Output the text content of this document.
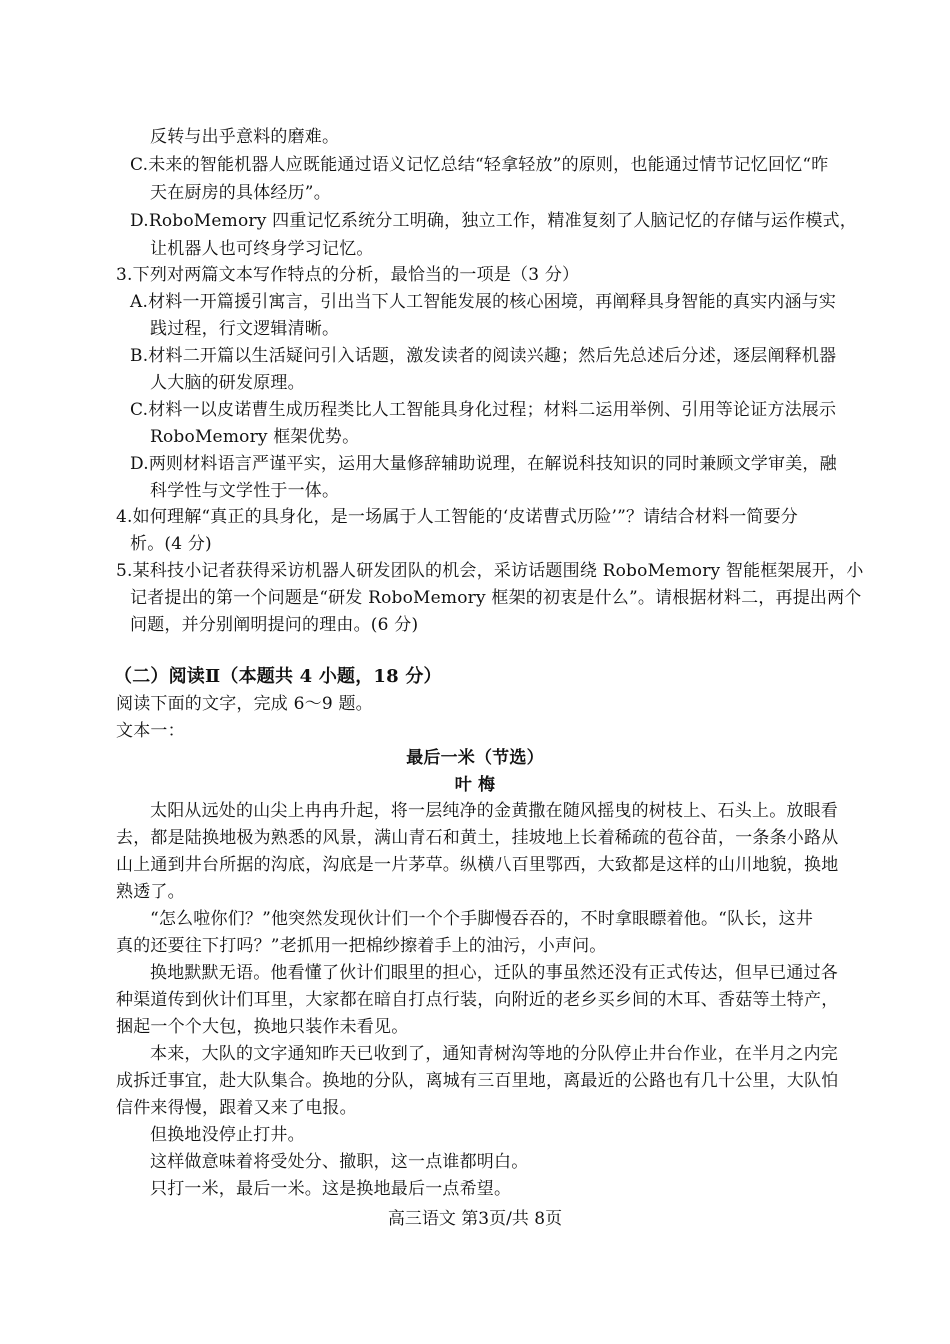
反转与出乎意料的磨难。
C.未来的智能机器人应既能通过语义记忆总结“轻拿轻放”的原则，也能通过情节记忆回忆“昨
天在厨房的具体经历”。
D.RoboMemory 四重记忆系统分工明确，独立工作，精准复刻了人脑记忆的存储与运作模式，
让机器人也可终身学习记忆。
3.下列对两篇文本写作特点的分析，最恰当的一项是（3 分）
A.材料一开篇援引寓言，引出当下人工智能发展的核心困境，再阐释具身智能的真实内涵与实
践过程，行文逻辑清晰。
B.材料二开篇以生活疑问引入话题，激发读者的阅读兴趣；然后先总述后分述，逐层阐释机器
人大脑的研发原理。
C.材料一以皮诺曹生成历程类比人工智能具身化过程；材料二运用举例、引用等论证方法展示
RoboMemory 框架优势。
D.两则材料语言严谨平实，运用大量修辞辅助说理，在解说科技知识的同时兼顾文学审美，融
科学性与文学性于一体。
4.如何理解“真正的具身化，是一场属于人工智能的‘皮诺曹式历险’”？请结合材料一简要分
析。(4 分)
5.某科技小记者获得采访机器人研发团队的机会，采访话题围绕 RoboMemory 智能框架展开，小
记者提出的第一个问题是“研发 RoboMemory 框架的初衷是什么”。请根据材料二，再提出两个
问题，并分别阐明提问的理由。(6 分)
（二）阅读Ⅱ（本题共 4 小题，18 分）
阅读下面的文字，完成 6～9 题。
文本一：
最后一米（节选）
叶 梅
太阳从远处的山尖上冉冉升起，将一层纯净的金黄撒在随风摇曳的树枝上、石头上。放眼看
去，都是陆换地极为熟悉的风景，满山青石和黄土，挂坡地上长着稀疏的苞谷苗，一条条小路从
山上通到井台所据的沟底，沟底是一片茅草。纵横八百里鄂西，大致都是这样的山川地貌，换地
熟透了。
“怎么啦你们？”他突然发现伙计们一个个手脚慢吞吞的，不时拿眼瞟着他。“队长，这井
真的还要往下打吗？”老抓用一把棉纱擦着手上的油污，小声问。
换地默默无语。他看懂了伙计们眼里的担心，迁队的事虽然还没有正式传达，但早已通过各
种渠道传到伙计们耳里，大家都在暗自打点行装，向附近的老乡买乡间的木耳、香菇等土特产，
捆起一个个大包，换地只装作未看见。
本来，大队的文字通知昨天已收到了，通知青树沟等地的分队停止井台作业，在半月之内完
成拆迁事宜，赴大队集合。换地的分队，离城有三百里地，离最近的公路也有几十公里，大队怕
信件来得慢，跟着又来了电报。
但换地没停止打井。
这样做意味着将受处分、撤职，这一点谁都明白。
只打一米，最后一米。这是换地最后一点希望。
高三语文 第3页/共 8页
